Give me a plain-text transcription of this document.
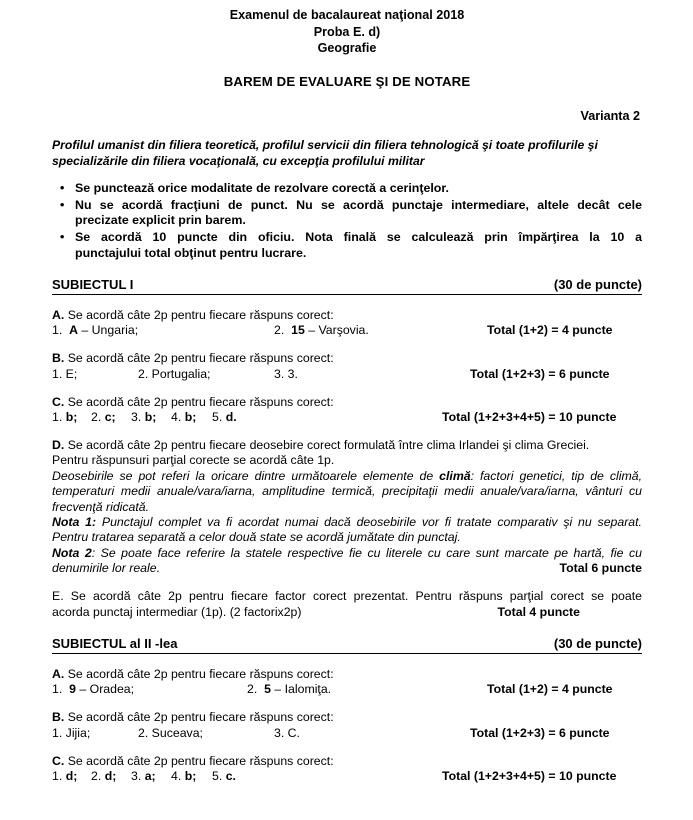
Examenul de bacalaureat naţional 2018
Proba E. d)
Geografie
BAREM DE EVALUARE ŞI DE NOTARE
Varianta 2
Profilul umanist din filiera teoretică, profilul servicii din filiera tehnologică şi toate profilurile şi
specializările din filiera vocaţională, cu excepţia profilului militar
• Se punctează orice modalitate de rezolvare corectă a cerinţelor.
• Nu se acordă fracţiuni de punct. Nu se acordă punctaje intermediare, altele decât cele
precizate explicit prin barem.
• Se acordă 10 puncte din oficiu. Nota finală se calculează prin împărţirea la 10 a
punctajului total obţinut pentru lucrare.
SUBIECTUL I	(30 de puncte)
A. Se acordă câte 2p pentru fiecare răspuns corect:
1. A – Ungaria;	2. 15 – Varşovia.	Total (1+2) = 4 puncte
B. Se acordă câte 2p pentru fiecare răspuns corect:
1. E;	2. Portugalia;	3. 3.	Total (1+2+3) = 6 puncte
C. Se acordă câte 2p pentru fiecare răspuns corect:
1. b; 2. c; 3. b; 4. b; 5. d.	Total (1+2+3+4+5) = 10 puncte
D. Se acordă câte 2p pentru fiecare deosebire corect formulată între clima Irlandei şi clima Greciei.
Pentru răspunsuri parţial corecte se acordă câte 1p.
Deosebirile se pot referi la oricare dintre următoarele elemente de climă: factori genetici, tip de climă, temperaturi medii anuale/vara/iarna, amplitudine termică, precipitaţii medii anuale/vara/iarna, vânturi cu frecvenţă ridicată.
Nota 1: Punctajul complet va fi acordat numai dacă deosebirile vor fi tratate comparativ şi nu separat. Pentru tratarea separată a celor două state se acordă jumătate din punctaj.
Nota 2: Se poate face referire la statele respective fie cu literele cu care sunt marcate pe hartă, fie cu denumirile lor reale.	Total 6 puncte
E. Se acordă câte 2p pentru fiecare factor corect prezentat. Pentru răspuns parţial corect se poate
acorda punctaj intermediar (1p). (2 factorix2p)	Total 4 puncte
SUBIECTUL al II -lea	(30 de puncte)
A. Se acordă câte 2p pentru fiecare răspuns corect:
1. 9 – Oradea;	2. 5 – Ialomiţa.	Total (1+2) = 4 puncte
B. Se acordă câte 2p pentru fiecare răspuns corect:
1. Jijia;	2. Suceava;	3. C.	Total (1+2+3) = 6 puncte
C. Se acordă câte 2p pentru fiecare răspuns corect:
1. d; 2. d; 3. a; 4. b; 5. c.	Total (1+2+3+4+5) = 10 puncte
